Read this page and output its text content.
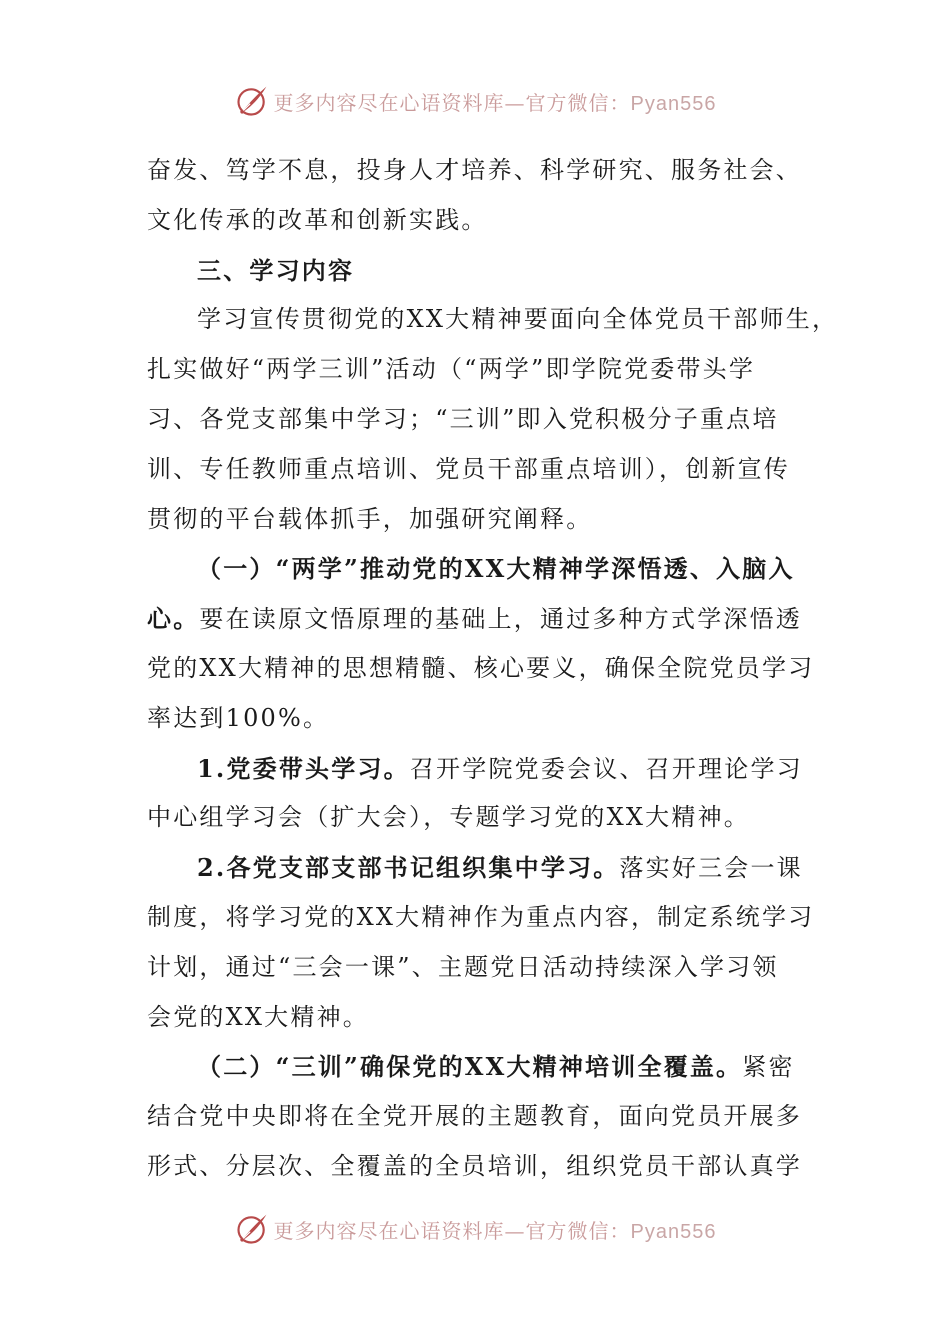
更多内容尽在心语资料库—官方微信：Pyan556
奋发、笃学不息，投身人才培养、科学研究、服务社会、
文化传承的改革和创新实践。
三、学习内容
学习宣传贯彻党的XX大精神要面向全体党员干部师生，
扎实做好“两学三训”活动（“两学”即学院党委带头学
习、各党支部集中学习；“三训”即入党积极分子重点培
训、专任教师重点培训、党员干部重点培训），创新宣传
贯彻的平台载体抓手，加强研究阐释。
（一）“两学”推动党的XX大精神学深悟透、入脑入
心。要在读原文悟原理的基础上，通过多种方式学深悟透
党的XX大精神的思想精髓、核心要义，确保全院党员学习
率达到100%。
1.党委带头学习。召开学院党委会议、召开理论学习
中心组学习会（扩大会），专题学习党的XX大精神。
2.各党支部支部书记组织集中学习。落实好三会一课
制度，将学习党的XX大精神作为重点内容，制定系统学习
计划，通过“三会一课”、主题党日活动持续深入学习领
会党的XX大精神。
（二）“三训”确保党的XX大精神培训全覆盖。紧密
结合党中央即将在全党开展的主题教育，面向党员开展多
形式、分层次、全覆盖的全员培训，组织党员干部认真学
更多内容尽在心语资料库—官方微信：Pyan556
